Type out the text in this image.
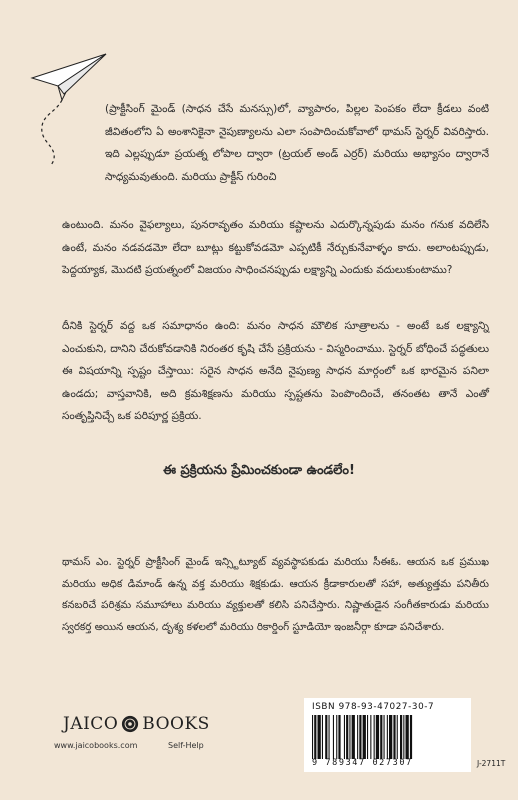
(ప్రాక్టీసింగ్ మైండ్ (సాధన చేసే మనస్సు)లో, వ్యాపారం, పిల్లల పెంపకం లేదా క్రీడలు వంటి జీవితంలోని ఏ అంశానికైనా నైపుణ్యాలను ఎలా సంపాదించుకోవాలో థామస్ స్టెర్నర్ వివరిస్తారు. ఇది ఎల్లప్పుడూ ప్రయత్న లోపాల ద్వారా (ట్రయల్ అండ్ ఎర్రర్) మరియు అభ్యాసం ద్వారానే సాధ్యమవుతుంది. మరియు ప్రాక్టీస్ గురించి
ఉంటుంది. మనం వైఫల్యాలు, పునరావృతం మరియు కష్టాలను ఎదుర్కొన్నపుడు మనం గనుక వదిలేసి ఉంటే, మనం నడవడమో లేదా బూట్లు కట్టుకోవడమో ఎప్పటికీ నేర్చుకునేవాళ్ళం కాదు. అలాంటప్పుడు, పెద్దయ్యాక, మొదటి ప్రయత్నంలో విజయం సాధించనప్పుడు లక్ష్యాన్ని ఎందుకు వదులుకుంటాము?
దీనికి స్టెర్నర్ వద్ద ఒక సమాధానం ఉంది: మనం సాధన మౌలిక సూత్రాలను - అంటే ఒక లక్ష్యాన్ని ఎంచుకుని, దానిని చేరుకోవడానికి నిరంతర కృషి చేసే ప్రక్రియను - విస్మరించాము. స్టెర్నర్ బోధించే పద్ధతులు ఈ విషయాన్ని స్పష్టం చేస్తాయి: సరైన సాధన అనేది నైపుణ్య సాధన మార్గంలో ఒక భారమైన పనిలా ఉండదు; వాస్తవానికి, అది క్రమశిక్షణను మరియు స్పష్టతను పెంపొందించే, తనంతట తానే ఎంతో సంతృప్తినిచ్చే ఒక పరిపూర్ణ ప్రక్రియ.
ఈ ప్రక్రియను ప్రేమించకుండా ఉండలేం!
థామస్ ఎం. స్టెర్నర్ ప్రాక్టీసింగ్ మైండ్ ఇన్స్టిట్యూట్ వ్యవస్థాపకుడు మరియు సీఈఓ. ఆయన ఒక ప్రముఖ మరియు అధిక డిమాండ్ ఉన్న వక్త మరియు శిక్షకుడు. ఆయన క్రీడాకారులతో సహా, అత్యుత్తమ పనితీరు కనబరిచే పరిశ్రమ సమూహాలు మరియు వ్యక్తులతో కలిసి పనిచేస్తారు. నిష్ణాతుడైన సంగీతకారుడు మరియు స్వరకర్త అయిన ఆయన, దృశ్య కళలలో మరియు రికార్డింగ్ స్టూడియో ఇంజనీర్గా కూడా పనిచేశారు.
JAICO BOOKS
www.jaicobooks.com	Self-Help
ISBN 978-93-47027-30-7
9 789347 027307	J-2711T
